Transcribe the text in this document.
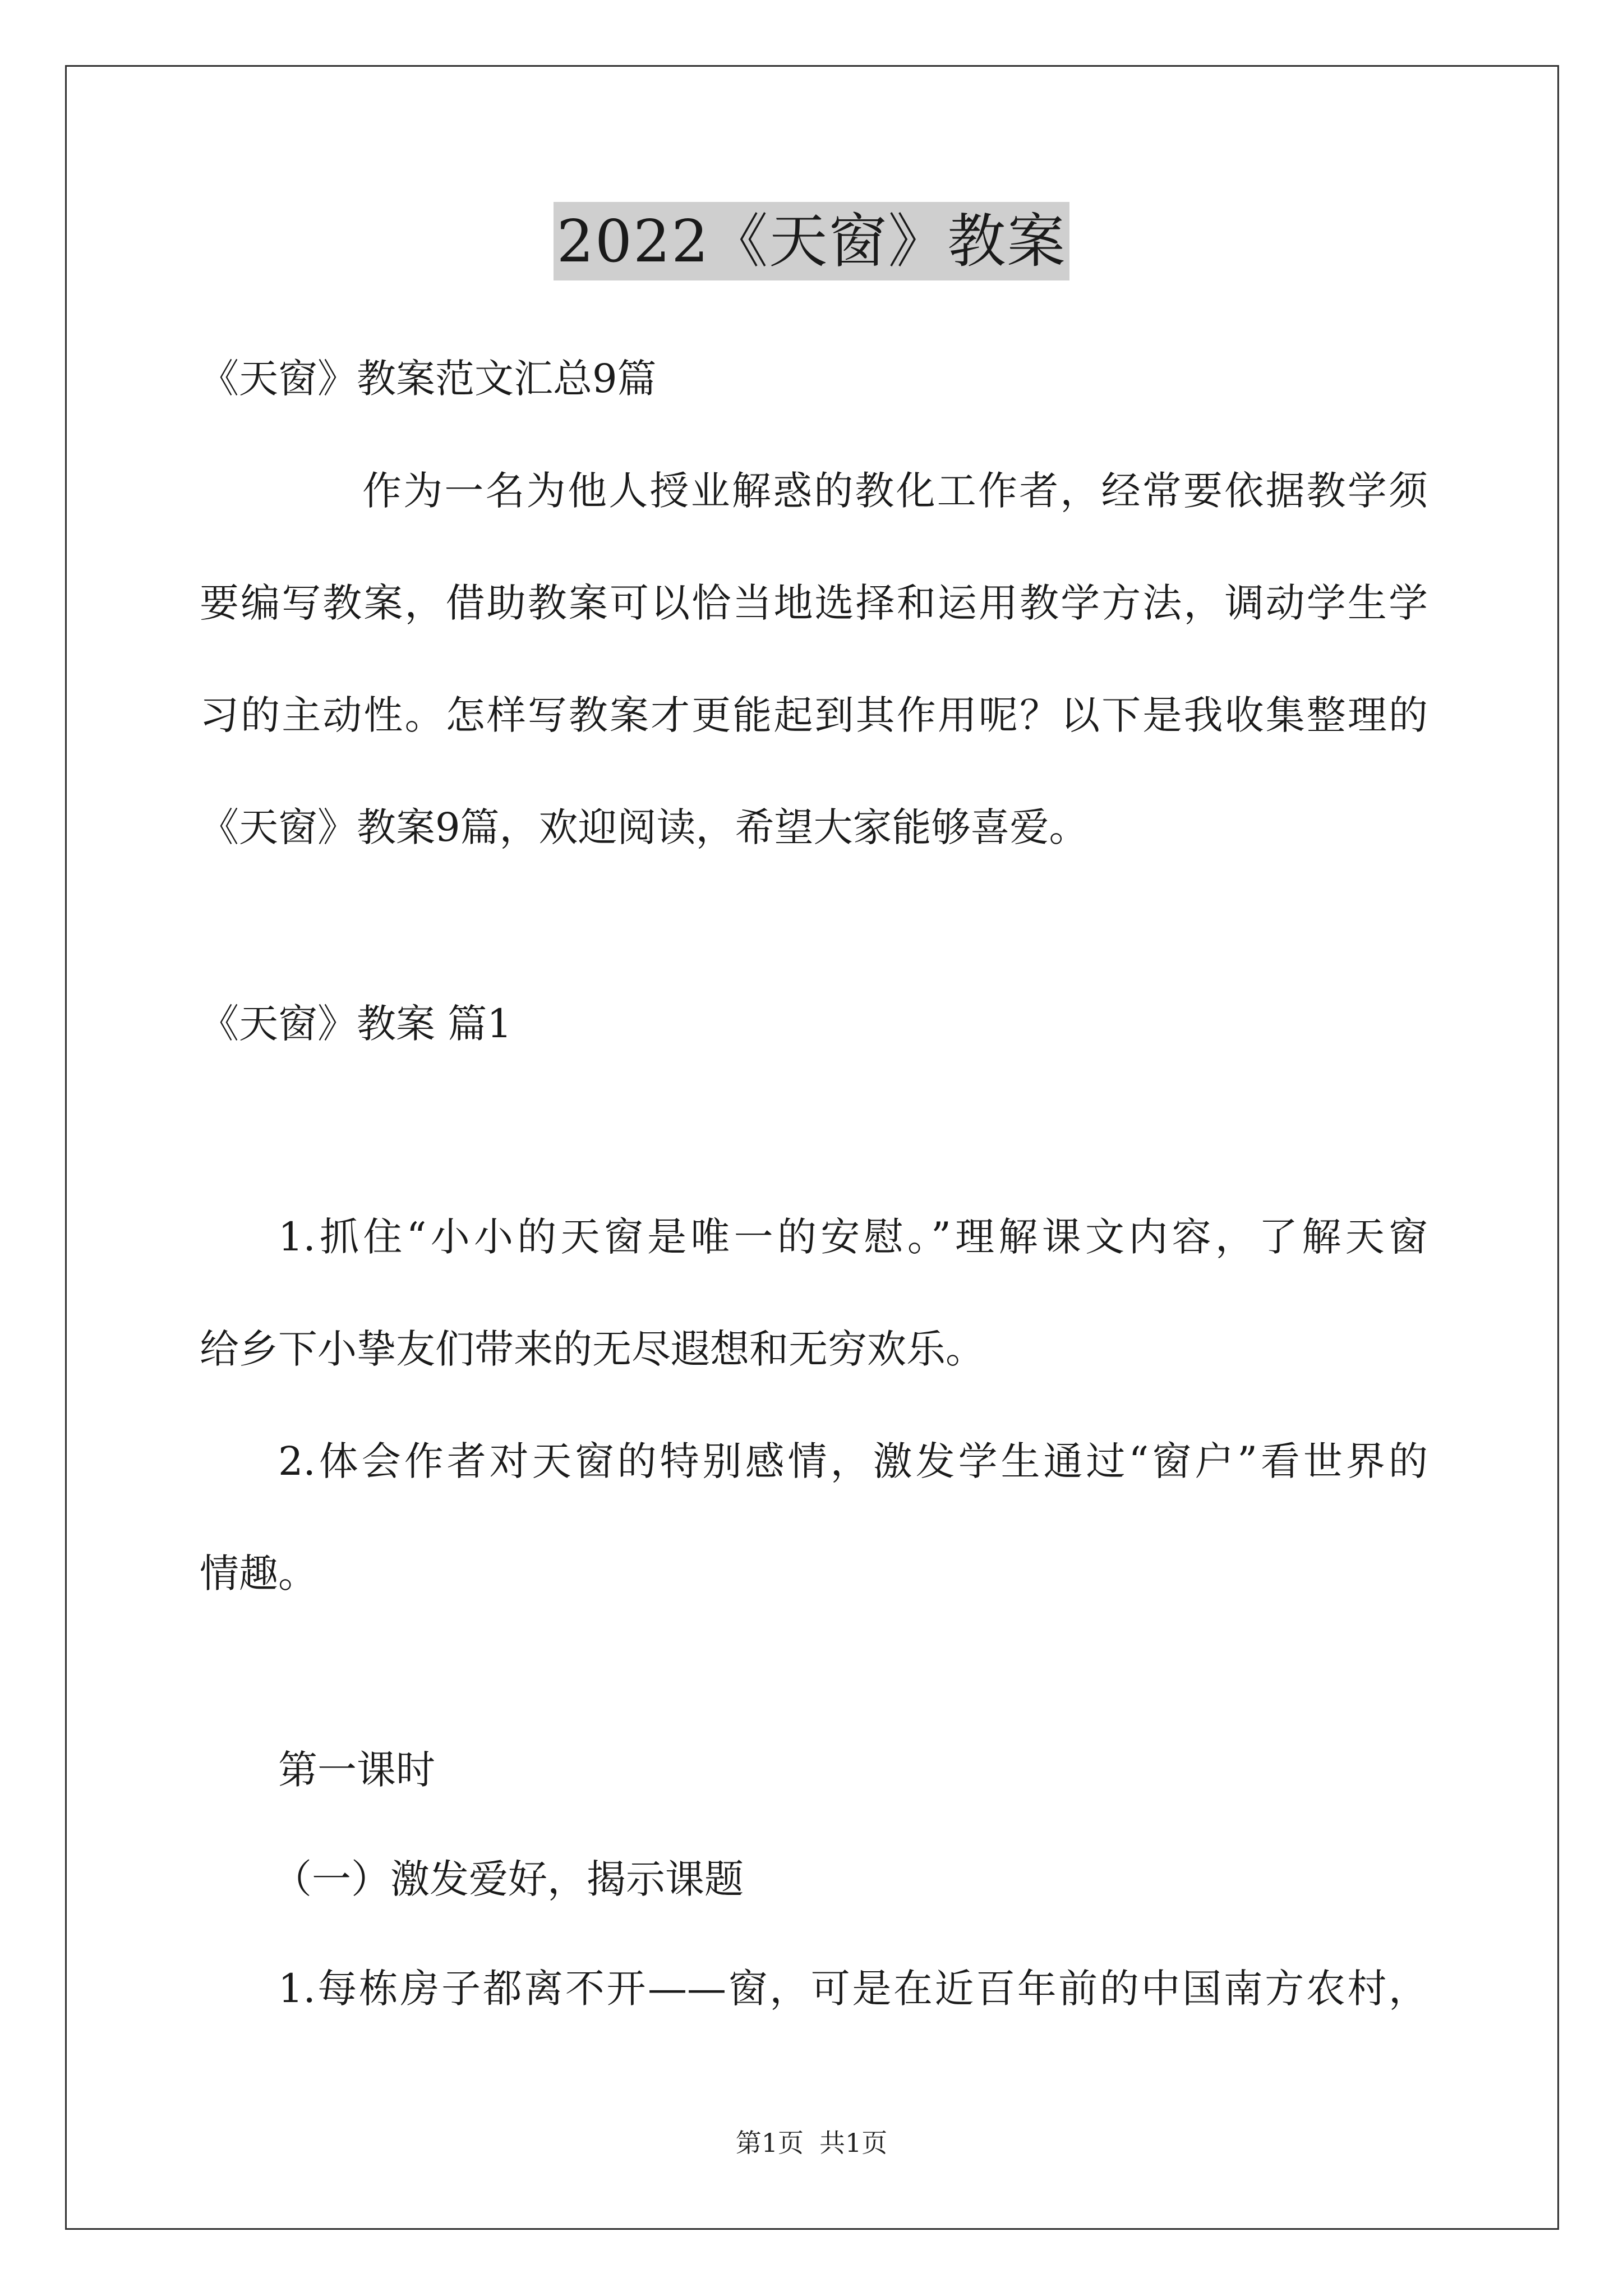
2022《天窗》教案
《天窗》教案范文汇总9篇
作为一名为他人授业解惑的教化工作者，经常要依据教学须
要编写教案，借助教案可以恰当地选择和运用教学方法，调动学生学
习的主动性。怎样写教案才更能起到其作用呢？以下是我收集整理的
《天窗》教案9篇，欢迎阅读，希望大家能够喜爱。
《天窗》教案 篇1
1.抓住“小小的天窗是唯一的安慰。”理解课文内容，了解天窗
给乡下小挚友们带来的无尽遐想和无穷欢乐。
2.体会作者对天窗的特别感情，激发学生通过“窗户”看世界的
情趣。
第一课时
（一）激发爱好，揭示课题
1.每栋房子都离不开——窗，可是在近百年前的中国南方农村，
第1页 共1页
